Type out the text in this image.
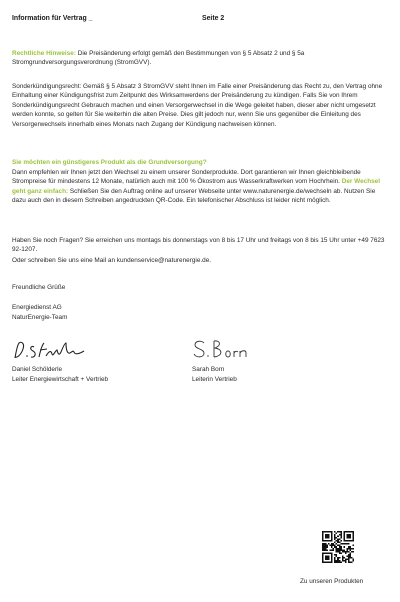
Information für Vertrag _	Seite 2

Rechtliche Hinweise: Die Preisänderung erfolgt gemäß den Bestimmungen von § 5 Absatz 2 und § 5a Stromgrundversorgungsverordnung (StromGVV).

Sonderkündigungsrecht: Gemäß § 5 Absatz 3 StromGVV steht Ihnen im Falle einer Preisänderung das Recht zu, den Vertrag ohne Einhaltung einer Kündigungsfrist zum Zeitpunkt des Wirksamwerdens der Preisänderung zu kündigen. Falls Sie von Ihrem Sonderkündigungsrecht Gebrauch machen und einen Versorgerwechsel in die Wege geleitet haben, dieser aber nicht umgesetzt werden konnte, so gelten für Sie weiterhin die alten Preise. Dies gilt jedoch nur, wenn Sie uns gegenüber die Einleitung des Versorgerwechsels innerhalb eines Monats nach Zugang der Kündigung nachweisen können.

Sie möchten ein günstigeres Produkt als die Grundversorgung?

Dann empfehlen wir Ihnen jetzt den Wechsel zu einem unserer Sonderprodukte. Dort garantieren wir Ihnen gleichbleibende Strompreise für mindestens 12 Monate, natürlich auch mit 100 % Ökostrom aus Wasserkraftwerken vom Hochrhein. Der Wechsel geht ganz einfach: Schließen Sie den Auftrag online auf unserer Webseite unter www.naturenergie.de/wechseln ab. Nutzen Sie dazu auch den in diesem Schreiben angedruckten QR-Code. Ein telefonischer Abschluss ist leider nicht möglich.

Haben Sie noch Fragen? Sie erreichen uns montags bis donnerstags von 8 bis 17 Uhr und freitags von 8 bis 15 Uhr unter +49 7623 92-1207.

Oder schreiben Sie uns eine Mail an kundenservice@naturenergie.de.

Freundliche Grüße
Energiedienst AG
NaturEnergie-Team
Daniel Schölderle
Leiter Energiewirtschaft + Vertrieb
Sarah Born
Leiterin Vertrieb
Zu unseren Produkten
